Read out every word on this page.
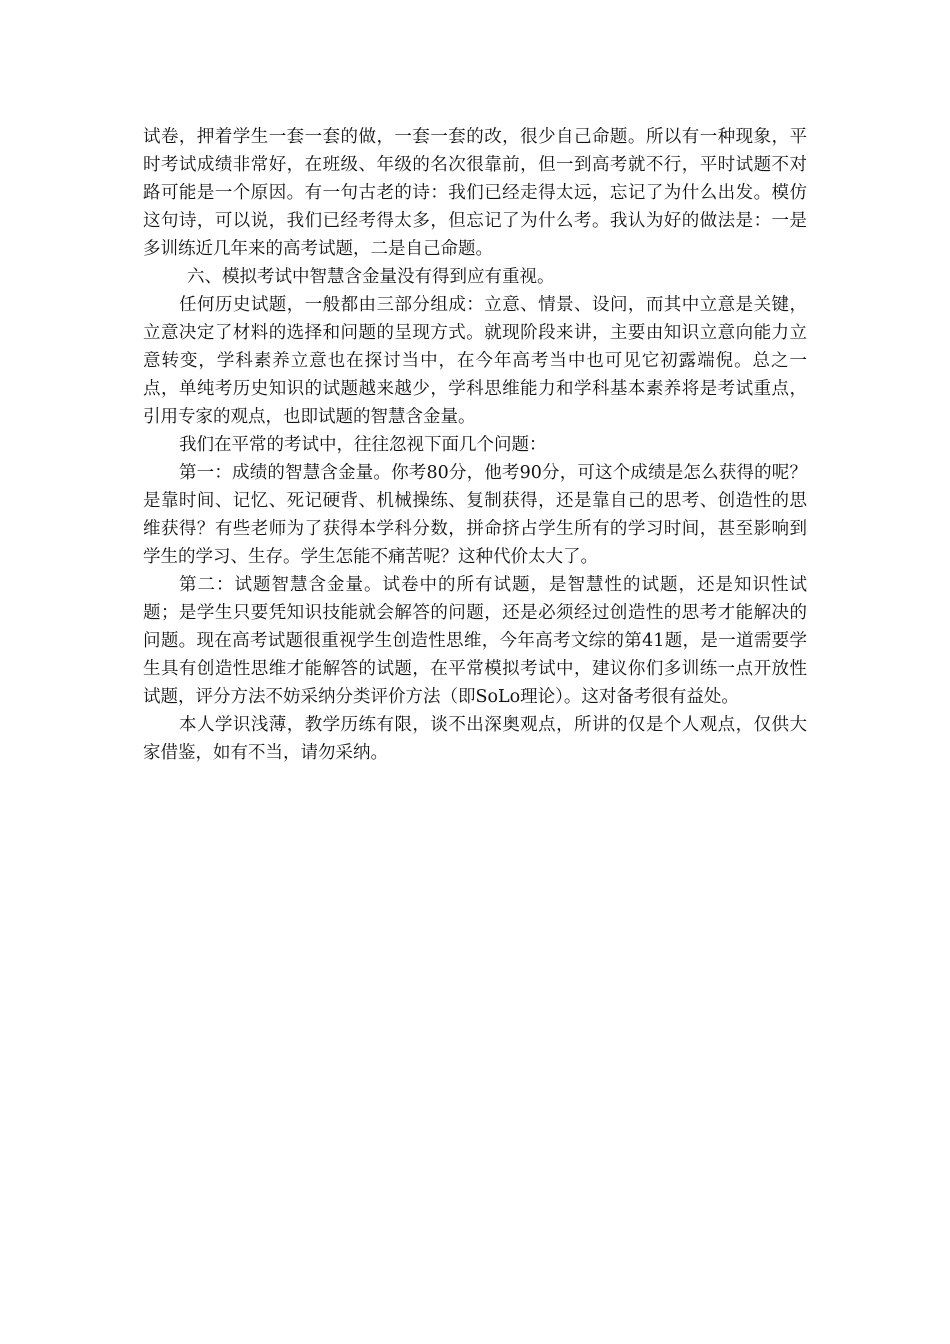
试卷，押着学生一套一套的做，一套一套的改，很少自己命题。所以有一种现象，平时考试成绩非常好，在班级、年级的名次很靠前，但一到高考就不行，平时试题不对路可能是一个原因。有一句古老的诗：我们已经走得太远，忘记了为什么出发。模仿这句诗，可以说，我们已经考得太多，但忘记了为什么考。我认为好的做法是：一是多训练近几年来的高考试题，二是自己命题。

六、模拟考试中智慧含金量没有得到应有重视。

任何历史试题，一般都由三部分组成：立意、情景、设问，而其中立意是关键，立意决定了材料的选择和问题的呈现方式。就现阶段来讲，主要由知识立意向能力立意转变，学科素养立意也在探讨当中，在今年高考当中也可见它初露端倪。总之一点，单纯考历史知识的试题越来越少，学科思维能力和学科基本素养将是考试重点，引用专家的观点，也即试题的智慧含金量。

我们在平常的考试中，往往忽视下面几个问题：

第一：成绩的智慧含金量。你考80分，他考90分，可这个成绩是怎么获得的呢？是靠时间、记忆、死记硬背、机械操练、复制获得，还是靠自己的思考、创造性的思维获得？有些老师为了获得本学科分数，拼命挤占学生所有的学习时间，甚至影响到学生的学习、生存。学生怎能不痛苦呢？这种代价太大了。

第二：试题智慧含金量。试卷中的所有试题，是智慧性的试题，还是知识性试题；是学生只要凭知识技能就会解答的问题，还是必须经过创造性的思考才能解决的问题。现在高考试题很重视学生创造性思维，今年高考文综的第41题，是一道需要学生具有创造性思维才能解答的试题，在平常模拟考试中，建议你们多训练一点开放性试题，评分方法不妨采纳分类评价方法（即SoLo理论）。这对备考很有益处。

本人学识浅薄，教学历练有限，谈不出深奥观点，所讲的仅是个人观点，仅供大家借鉴，如有不当，请勿采纳。
